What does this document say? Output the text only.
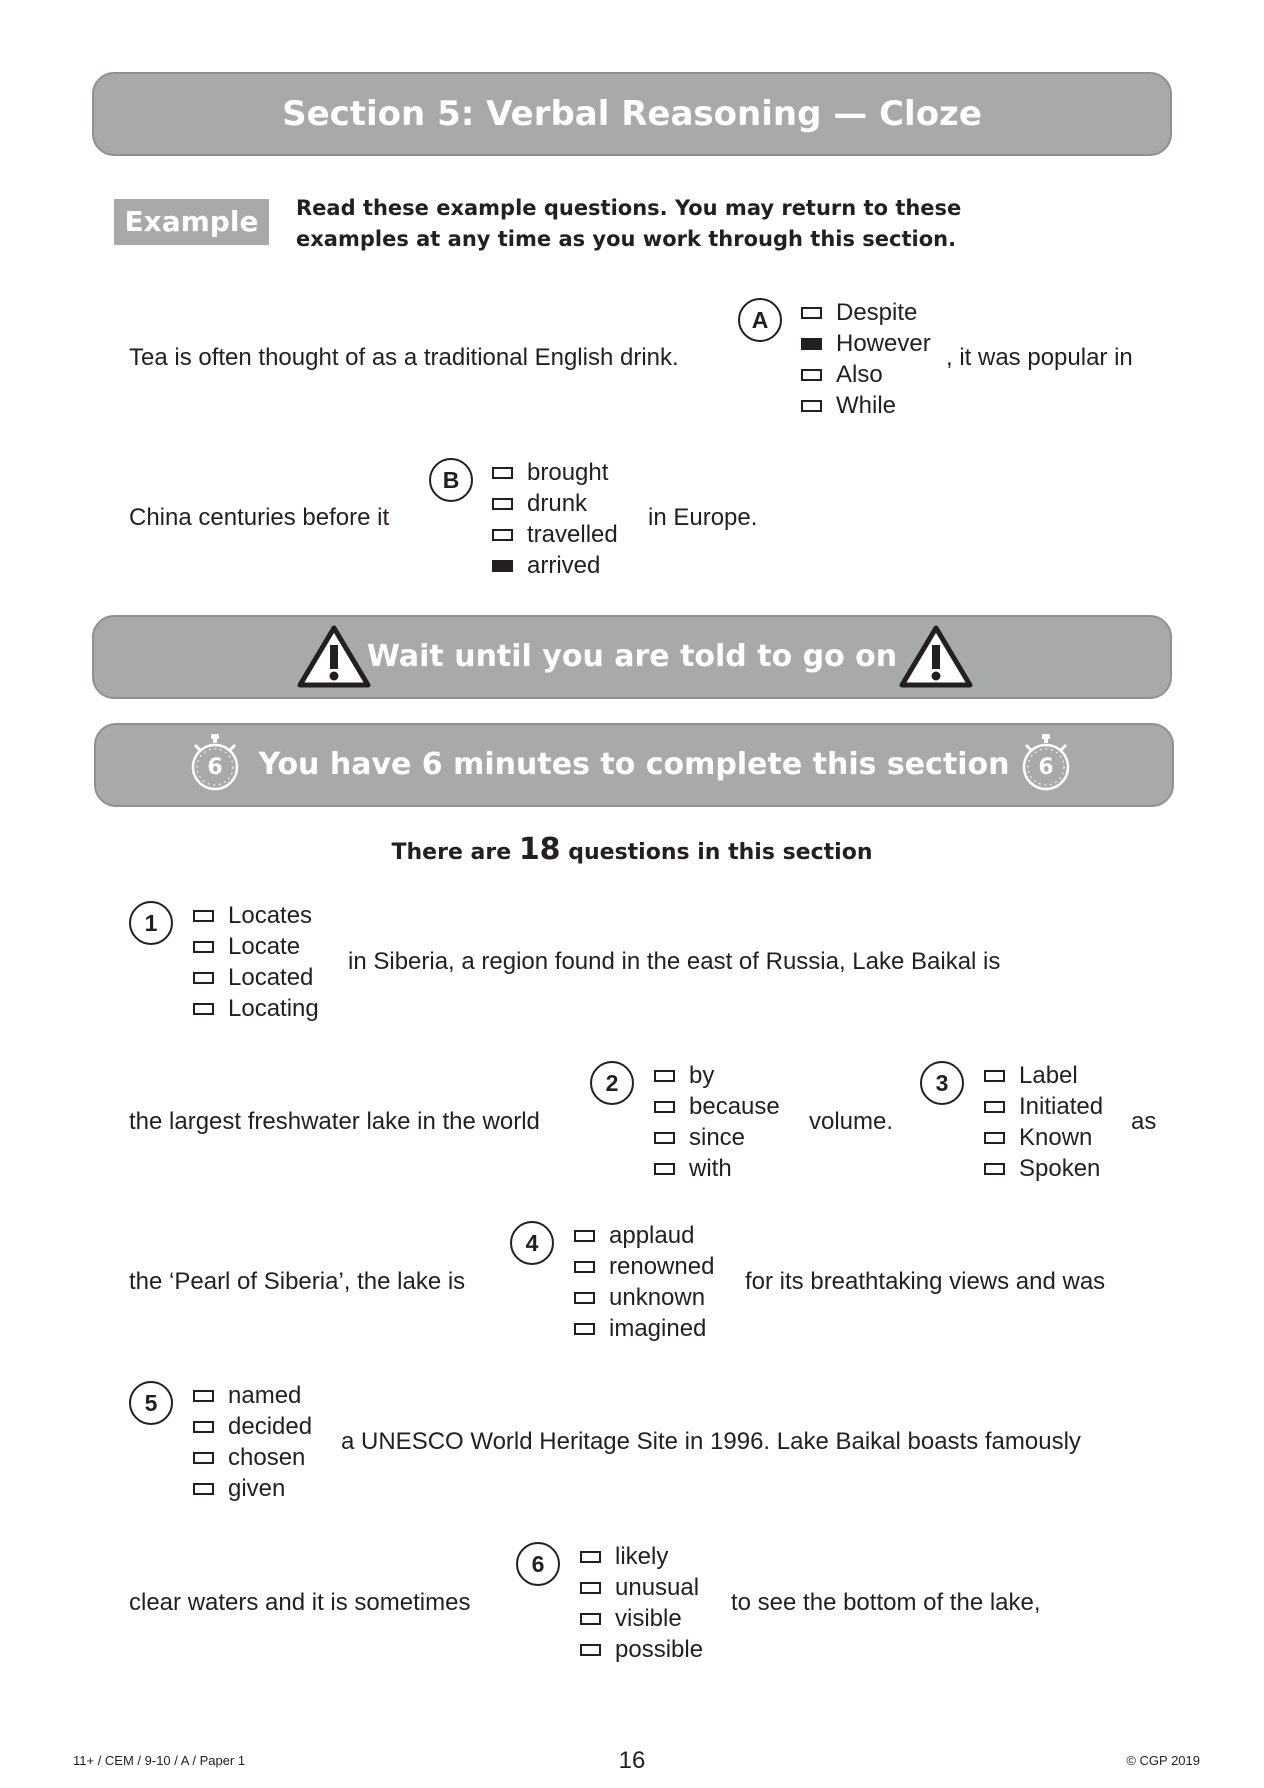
Section 5: Verbal Reasoning — Cloze
Example	Read these example questions. You may return to these
examples at any time as you work through this section.
Tea is often thought of as a traditional English drink.
A	Despite
However
Also
While
, it was popular in
China centuries before it
B	brought
drunk
travelled
arrived
in Europe.
Wait until you are told to go on
6	You have 6 minutes to complete this section	6
There are 18 questions in this section
1	Locates
Locate
Located
Locating
in Siberia, a region found in the east of Russia, Lake Baikal is
the largest freshwater lake in the world
2	by
because
since
with
volume.
3	Label
Initiated
Known
Spoken
as
the ‘Pearl of Siberia’, the lake is
4	applaud
renowned
unknown
imagined
for its breathtaking views and was
5	named
decided
chosen
given
a UNESCO World Heritage Site in 1996. Lake Baikal boasts famously
clear waters and it is sometimes
6	likely
unusual
visible
possible
to see the bottom of the lake,
11+ / CEM / 9-10 / A / Paper 1	16	© CGP 2019
